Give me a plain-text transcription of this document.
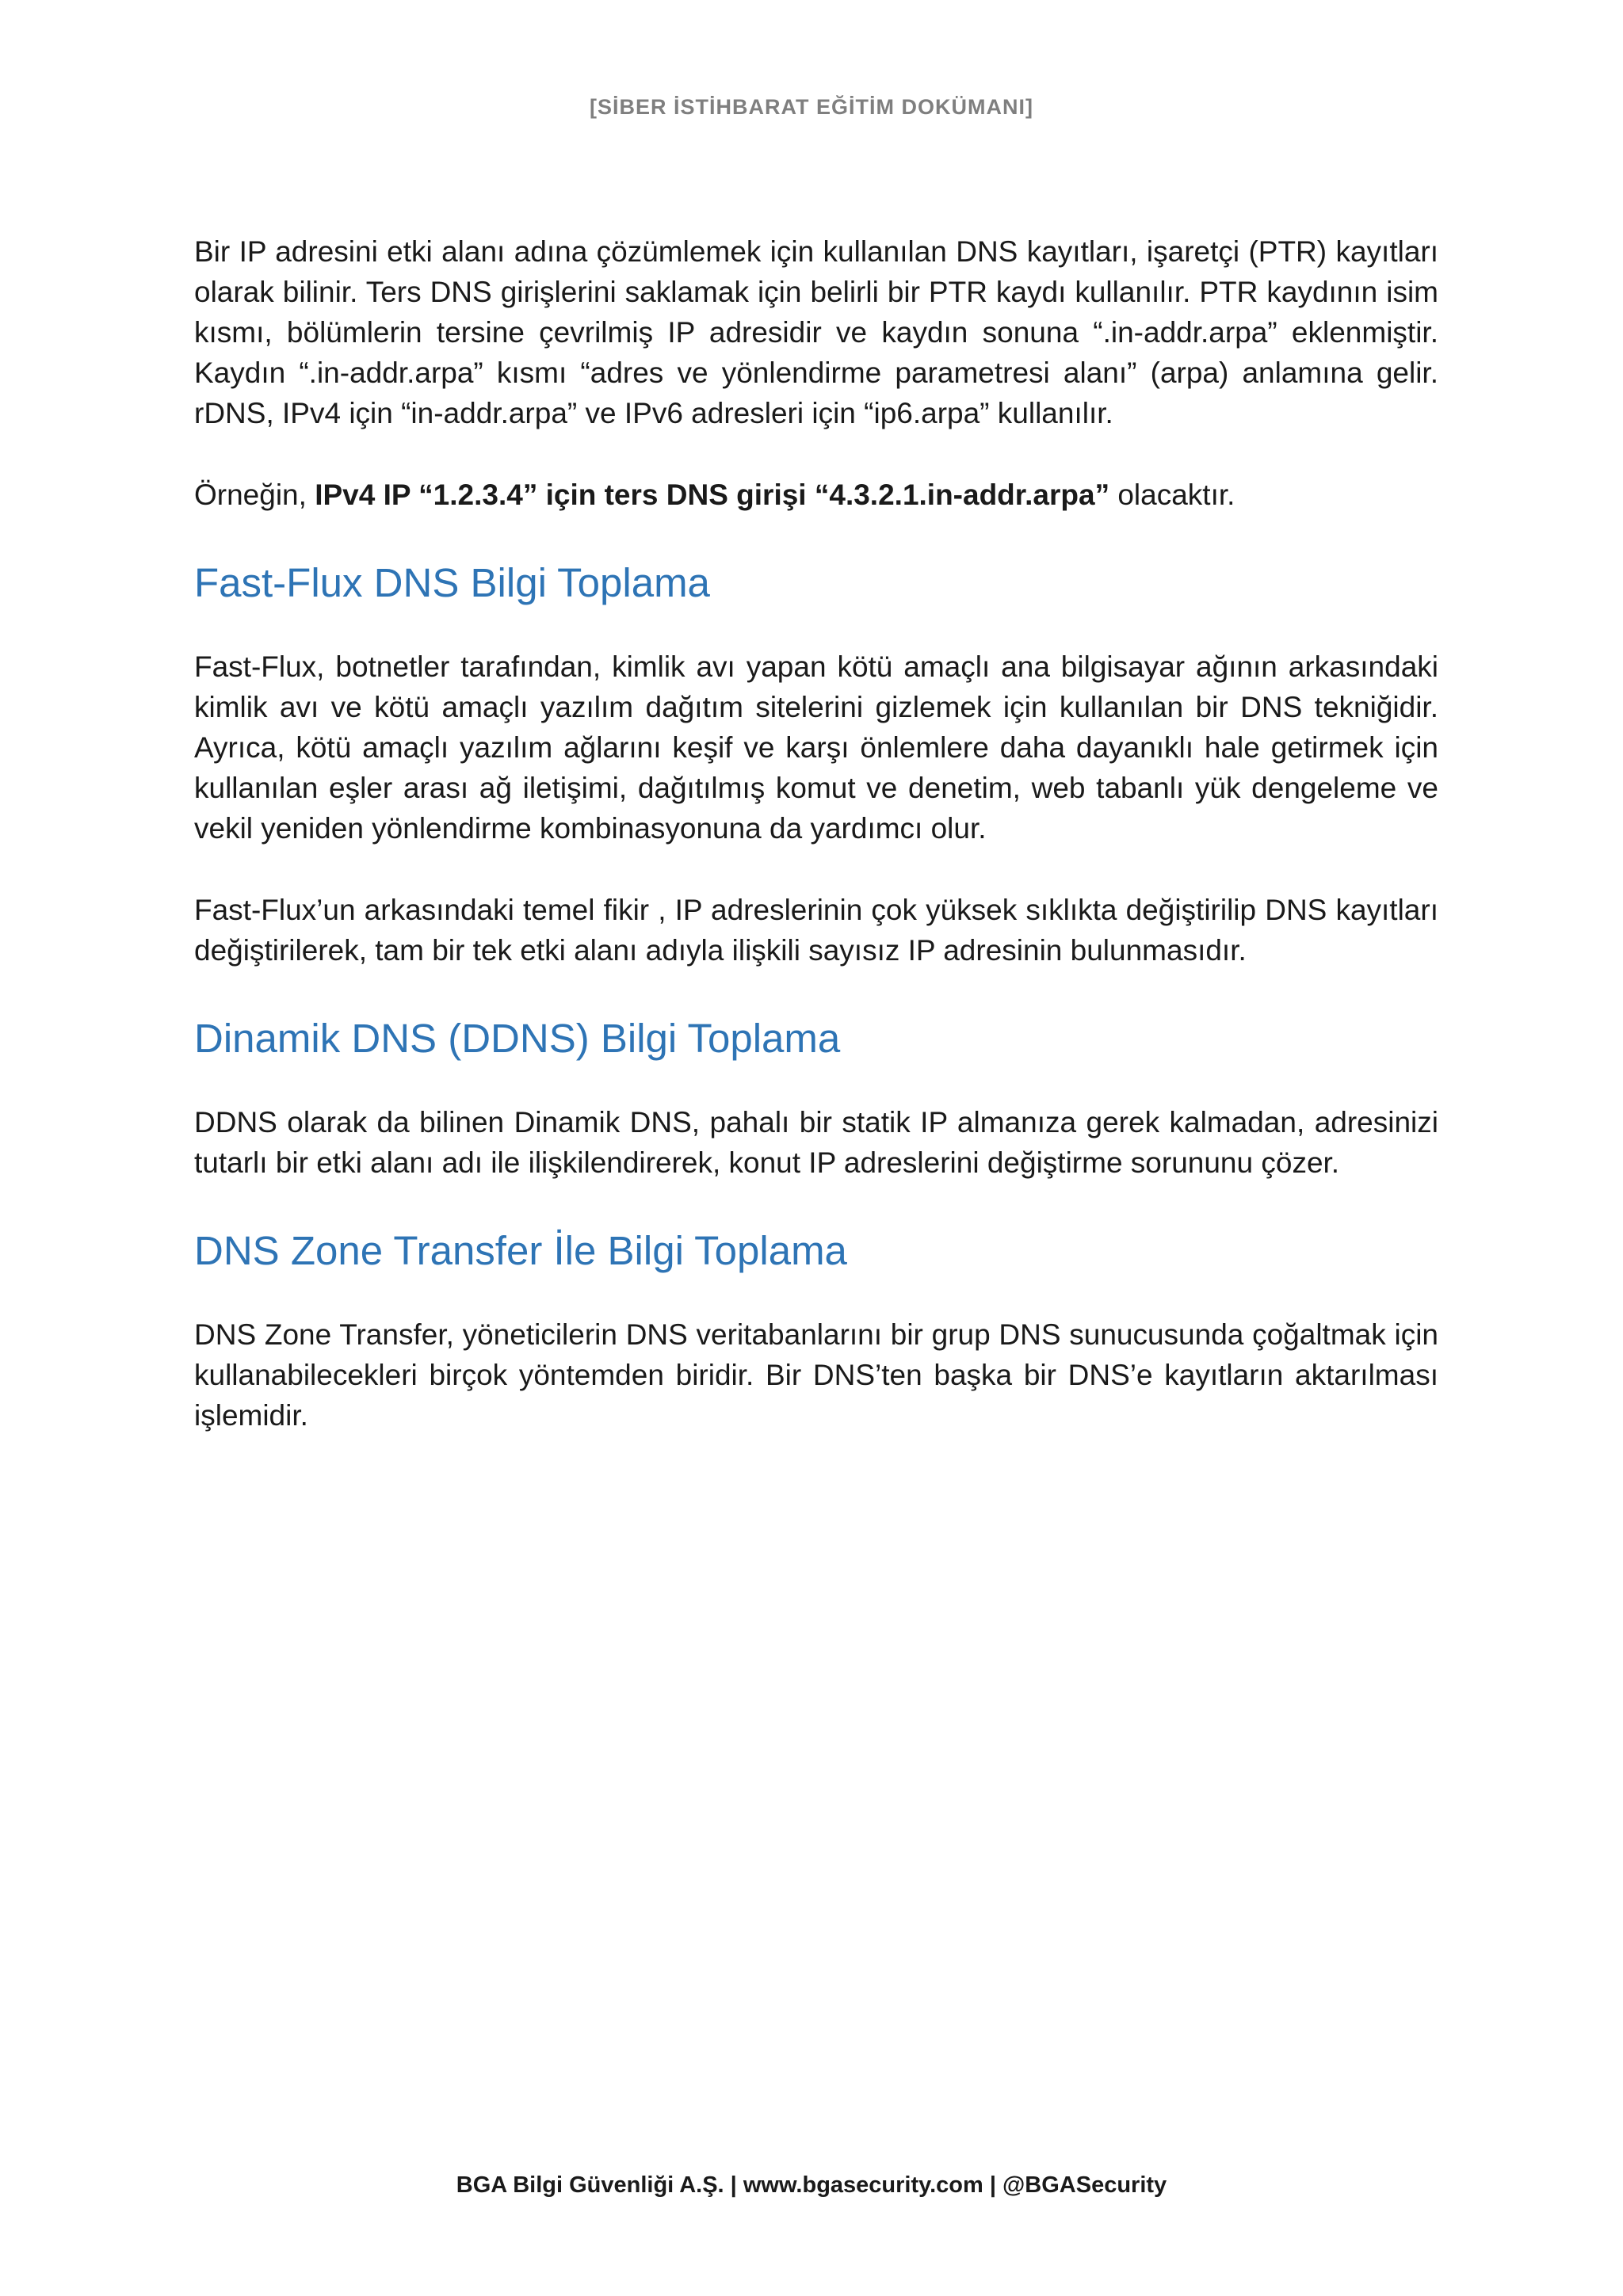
[SİBER İSTİHBARAT EĞİTİM DOKÜMANI]

Bir IP adresini etki alanı adına çözümlemek için kullanılan DNS kayıtları, işaretçi (PTR) kayıtları olarak bilinir. Ters DNS girişlerini saklamak için belirli bir PTR kaydı kullanılır. PTR kaydının isim kısmı, bölümlerin tersine çevrilmiş IP adresidir ve kaydın sonuna “.in-addr.arpa” eklenmiştir. Kaydın “.in-addr.arpa” kısmı “adres ve yönlendirme parametresi alanı” (arpa) anlamına gelir. rDNS, IPv4 için “in-addr.arpa” ve IPv6 adresleri için “ip6.arpa” kullanılır.

Örneğin, IPv4 IP “1.2.3.4” için ters DNS girişi “4.3.2.1.in-addr.arpa” olacaktır.

Fast-Flux DNS Bilgi Toplama

Fast-Flux, botnetler tarafından, kimlik avı yapan kötü amaçlı ana bilgisayar ağının arkasındaki kimlik avı ve kötü amaçlı yazılım dağıtım sitelerini gizlemek için kullanılan bir DNS tekniğidir. Ayrıca, kötü amaçlı yazılım ağlarını keşif ve karşı önlemlere daha dayanıklı hale getirmek için kullanılan eşler arası ağ iletişimi, dağıtılmış komut ve denetim, web tabanlı yük dengeleme ve vekil yeniden yönlendirme kombinasyonuna da yardımcı olur.

Fast-Flux’un arkasındaki temel fikir , IP adreslerinin çok yüksek sıklıkta değiştirilip DNS kayıtları değiştirilerek, tam bir tek etki alanı adıyla ilişkili sayısız IP adresinin bulunmasıdır.

Dinamik DNS (DDNS) Bilgi Toplama

DDNS olarak da bilinen Dinamik DNS, pahalı bir statik IP almanıza gerek kalmadan, adresinizi tutarlı bir etki alanı adı ile ilişkilendirerek, konut IP adreslerini değiştirme sorununu çözer.

DNS Zone Transfer İle Bilgi Toplama

DNS Zone Transfer, yöneticilerin DNS veritabanlarını bir grup DNS sunucusunda çoğaltmak için kullanabilecekleri birçok yöntemden biridir. Bir DNS’ten başka bir DNS’e kayıtların aktarılması işlemidir.

BGA Bilgi Güvenliği A.Ş. | www.bgasecurity.com | @BGASecurity
